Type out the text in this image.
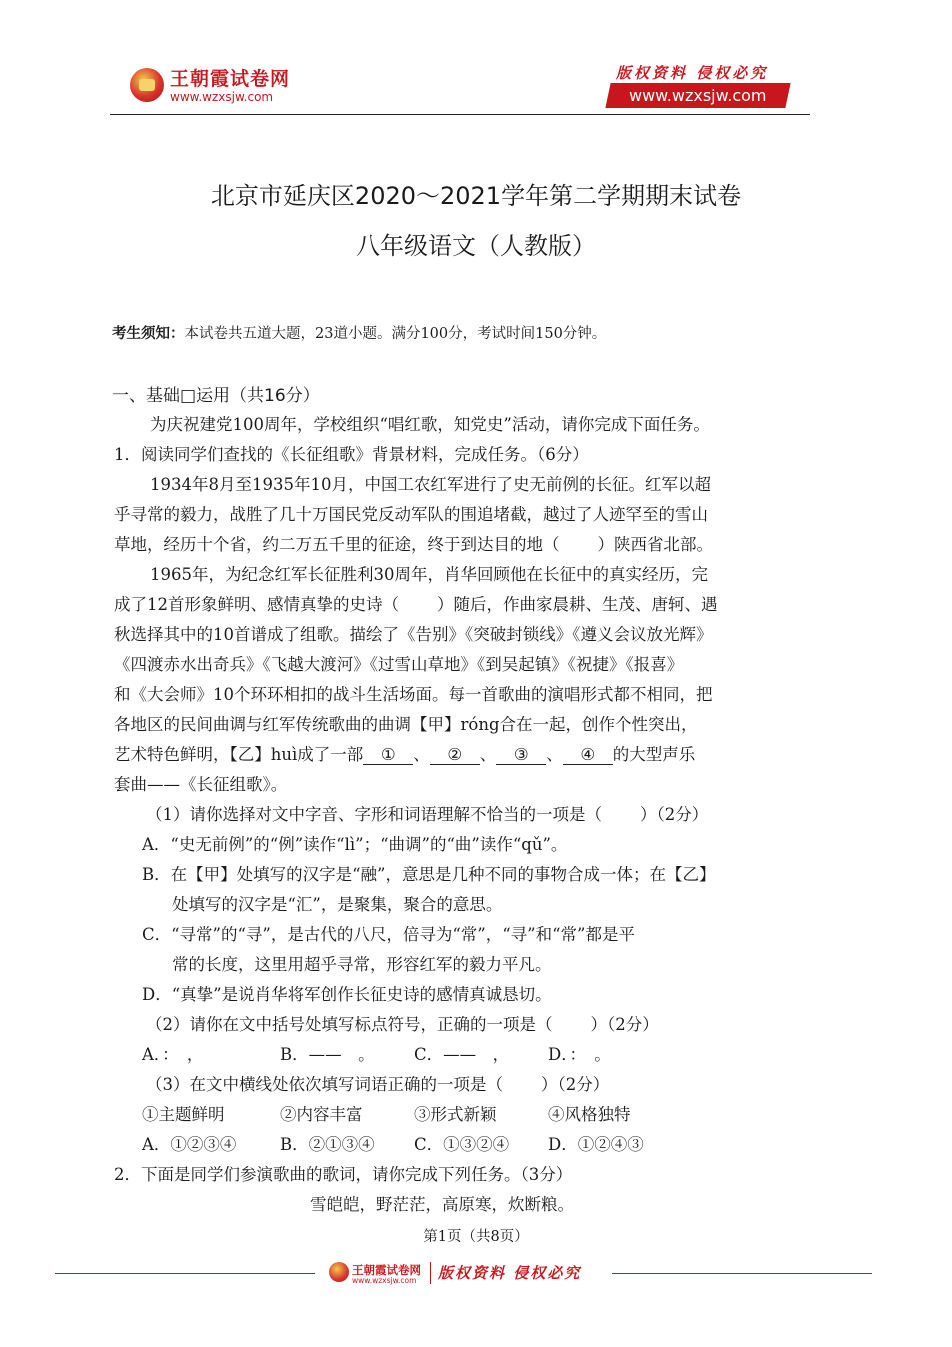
王朝霞试卷网
www.wzxsjw.com
版权资料 侵权必究
www.wzxsjw.com
北京市延庆区2020～2021学年第二学期期末试卷
八年级语文（人教版）
考生须知：本试卷共五道大题，23道小题。满分100分，考试时间150分钟。
一、基础□运用（共16分）
为庆祝建党100周年，学校组织“唱红歌，知党史”活动，请你完成下面任务。
1．阅读同学们查找的《长征组歌》背景材料，完成任务。（6分）
1934年8月至1935年10月，中国工农红军进行了史无前例的长征。红军以超
乎寻常的毅力，战胜了几十万国民党反动军队的围追堵截，越过了人迹罕至的雪山
草地，经历十个省，约二万五千里的征途，终于到达目的地（ ）陕西省北部。
1965年，为纪念红军长征胜利30周年，肖华回顾他在长征中的真实经历，完
成了12首形象鲜明、感情真挚的史诗（ ）随后，作曲家晨耕、生茂、唐轲、遇
秋选择其中的10首谱成了组歌。描绘了《告别》《突破封锁线》《遵义会议放光辉》
《四渡赤水出奇兵》《飞越大渡河》《过雪山草地》《到吴起镇》《祝捷》《报喜》
和《大会师》10个环环相扣的战斗生活场面。每一首歌曲的演唱形式都不相同，把
各地区的民间曲调与红军传统歌曲的曲调【甲】róng合在一起，创作个性突出，
艺术特色鲜明，【乙】huì成了一部 ① 、 ② 、 ③ 、 ④ 的大型声乐
套曲——《长征组歌》。
（1）请你选择对文中字音、字形和词语理解不恰当的一项是（ ）（2分）
A．“史无前例”的“例”读作“lì”；“曲调”的“曲”读作“qǔ”。
B．在【甲】处填写的汉字是“融”，意思是几种不同的事物合成一体；在【乙】
处填写的汉字是“汇”，是聚集，聚合的意思。
C．“寻常”的“寻”，是古代的八尺，倍寻为“常”，“寻”和“常”都是平
常的长度，这里用超乎寻常，形容红军的毅力平凡。
D．“真挚”是说肖华将军创作长征史诗的感情真诚恳切。
（2）请你在文中括号处填写标点符号，正确的一项是（ ）（2分）
A．：　，	B．——　。 C．——　， D．：　。
（3）在文中横线处依次填写词语正确的一项是（ ）（2分）
①主题鲜明	②内容丰富	③形式新颖	④风格独特
A．①②③④	B．②①③④ C．①③②④ D．①②④③
2．下面是同学们参演歌曲的歌词，请你完成下列任务。（3分）
雪皑皑，野茫茫，高原寒，炊断粮。
第1页（共8页）
王朝霞试卷网
www.wzxsjw.com 版权资料 侵权必究
